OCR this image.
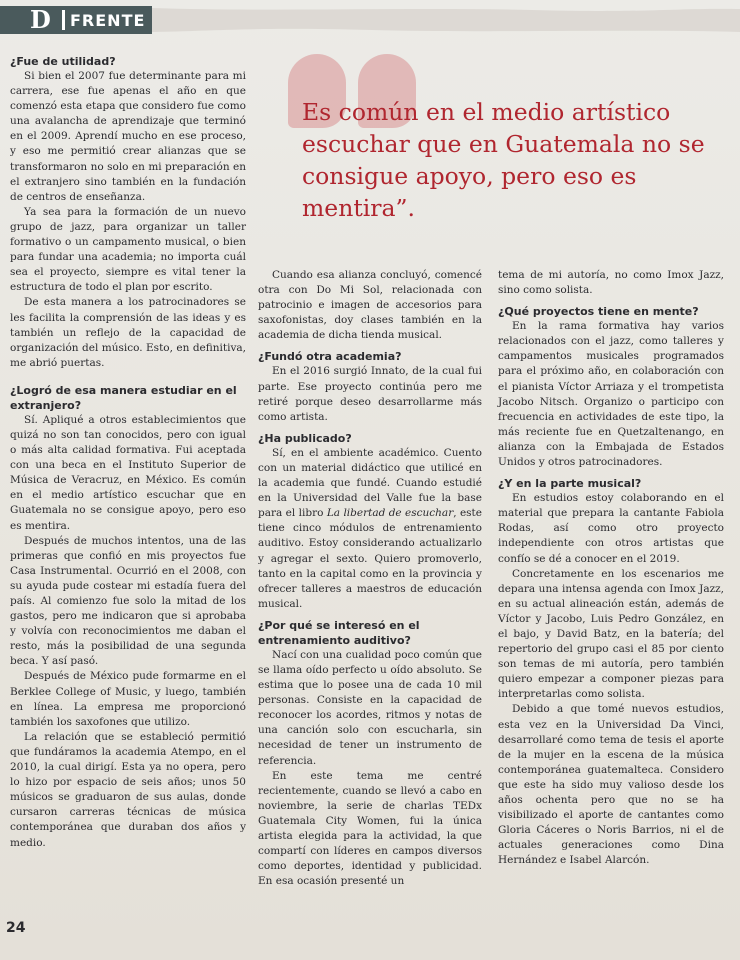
D	FRENTE

Es común en el medio artístico escuchar que en Guatemala no se consigue apoyo, pero eso es mentira”.

¿Fue de utilidad?

Si bien el 2007 fue determinante para mi carrera, ese fue apenas el año en que comenzó esta etapa que considero fue como una avalancha de aprendizaje que terminó en el 2009. Aprendí mucho en ese proceso, y eso me permitió crear alianzas que se transformaron no solo en mi preparación en el extranjero sino también en la fundación de centros de enseñanza.

Ya sea para la formación de un nuevo grupo de jazz, para organizar un taller formativo o un campamento musical, o bien para fundar una academia; no importa cuál sea el proyecto, siempre es vital tener la estructura de todo el plan por escrito.

De esta manera a los patrocinadores se les facilita la comprensión de las ideas y es también un reflejo de la capacidad de organización del músico. Esto, en definitiva, me abrió puertas.

¿Logró de esa manera estudiar en el extranjero?

Sí. Apliqué a otros establecimientos que quizá no son tan conocidos, pero con igual o más alta calidad formativa. Fui aceptada con una beca en el Instituto Superior de Música de Veracruz, en México. Es común en el medio artístico escuchar que en Guatemala no se consigue apoyo, pero eso es mentira.

Después de muchos intentos, una de las primeras que confió en mis proyectos fue Casa Instrumental. Ocurrió en el 2008, con su ayuda pude costear mi estadía fuera del país. Al comienzo fue solo la mitad de los gastos, pero me indicaron que si aprobaba y volvía con reconocimientos me daban el resto, más la posibilidad de una segunda beca. Y así pasó.

Después de México pude formarme en el Berklee College of Music, y luego, también en línea. La empresa me proporcionó también los saxofones que utilizo.

La relación que se estableció permitió que fundáramos la academia Atempo, en el 2010, la cual dirigí. Esta ya no opera, pero lo hizo por espacio de seis años; unos 50 músicos se graduaron de sus aulas, donde cursaron carreras técnicas de música contemporánea que duraban dos años y medio.

Cuando esa alianza concluyó, comencé otra con Do Mi Sol, relacionada con patrocinio e imagen de accesorios para saxofonistas, doy clases también en la academia de dicha tienda musical.

¿Fundó otra academia?

En el 2016 surgió Innato, de la cual fui parte. Ese proyecto continúa pero me retiré porque deseo desarrollarme más como artista.

¿Ha publicado?

Sí, en el ambiente académico. Cuento con un material didáctico que utilicé en la academia que fundé. Cuando estudié en la Universidad del Valle fue la base para el libro La libertad de escuchar, este tiene cinco módulos de entrenamiento auditivo. Estoy considerando actualizarlo y agregar el sexto. Quiero promoverlo, tanto en la capital como en la provincia y ofrecer talleres a maestros de educación musical.

¿Por qué se interesó en el entrenamiento auditivo?

Nací con una cualidad poco común que se llama oído perfecto u oído absoluto. Se estima que lo posee una de cada 10 mil personas. Consiste en la capacidad de reconocer los acordes, ritmos y notas de una canción solo con escucharla, sin necesidad de tener un instrumento de referencia.

En este tema me centré recientemente, cuando se llevó a cabo en noviembre, la serie de charlas TEDx Guatemala City Women, fui la única artista elegida para la actividad, la que compartí con líderes en campos diversos como deportes, identidad y publicidad. En esa ocasión presenté un

tema de mi autoría, no como Imox Jazz, sino como solista.

¿Qué proyectos tiene en mente?

En la rama formativa hay varios relacionados con el jazz, como talleres y campamentos musicales programados para el próximo año, en colaboración con el pianista Víctor Arriaza y el trompetista Jacobo Nitsch. Organizo o participo con frecuencia en actividades de este tipo, la más reciente fue en Quetzaltenango, en alianza con la Embajada de Estados Unidos y otros patrocinadores.

¿Y en la parte musical?

En estudios estoy colaborando en el material que prepara la cantante Fabiola Rodas, así como otro proyecto independiente con otros artistas que confío se dé a conocer en el 2019.

Concretamente en los escenarios me depara una intensa agenda con Imox Jazz, en su actual alineación están, además de Víctor y Jacobo, Luis Pedro González, en el bajo, y David Batz, en la batería; del repertorio del grupo casi el 85 por ciento son temas de mi autoría, pero también quiero empezar a componer piezas para interpretarlas como solista.

Debido a que tomé nuevos estudios, esta vez en la Universidad Da Vinci, desarrollaré como tema de tesis el aporte de la mujer en la escena de la música contemporánea guatemalteca. Considero que este ha sido muy valioso desde los años ochenta pero que no se ha visibilizado el aporte de cantantes como Gloria Cáceres o Noris Barrios, ni el de actuales generaciones como Dina Hernández e Isabel Alarcón.

24
